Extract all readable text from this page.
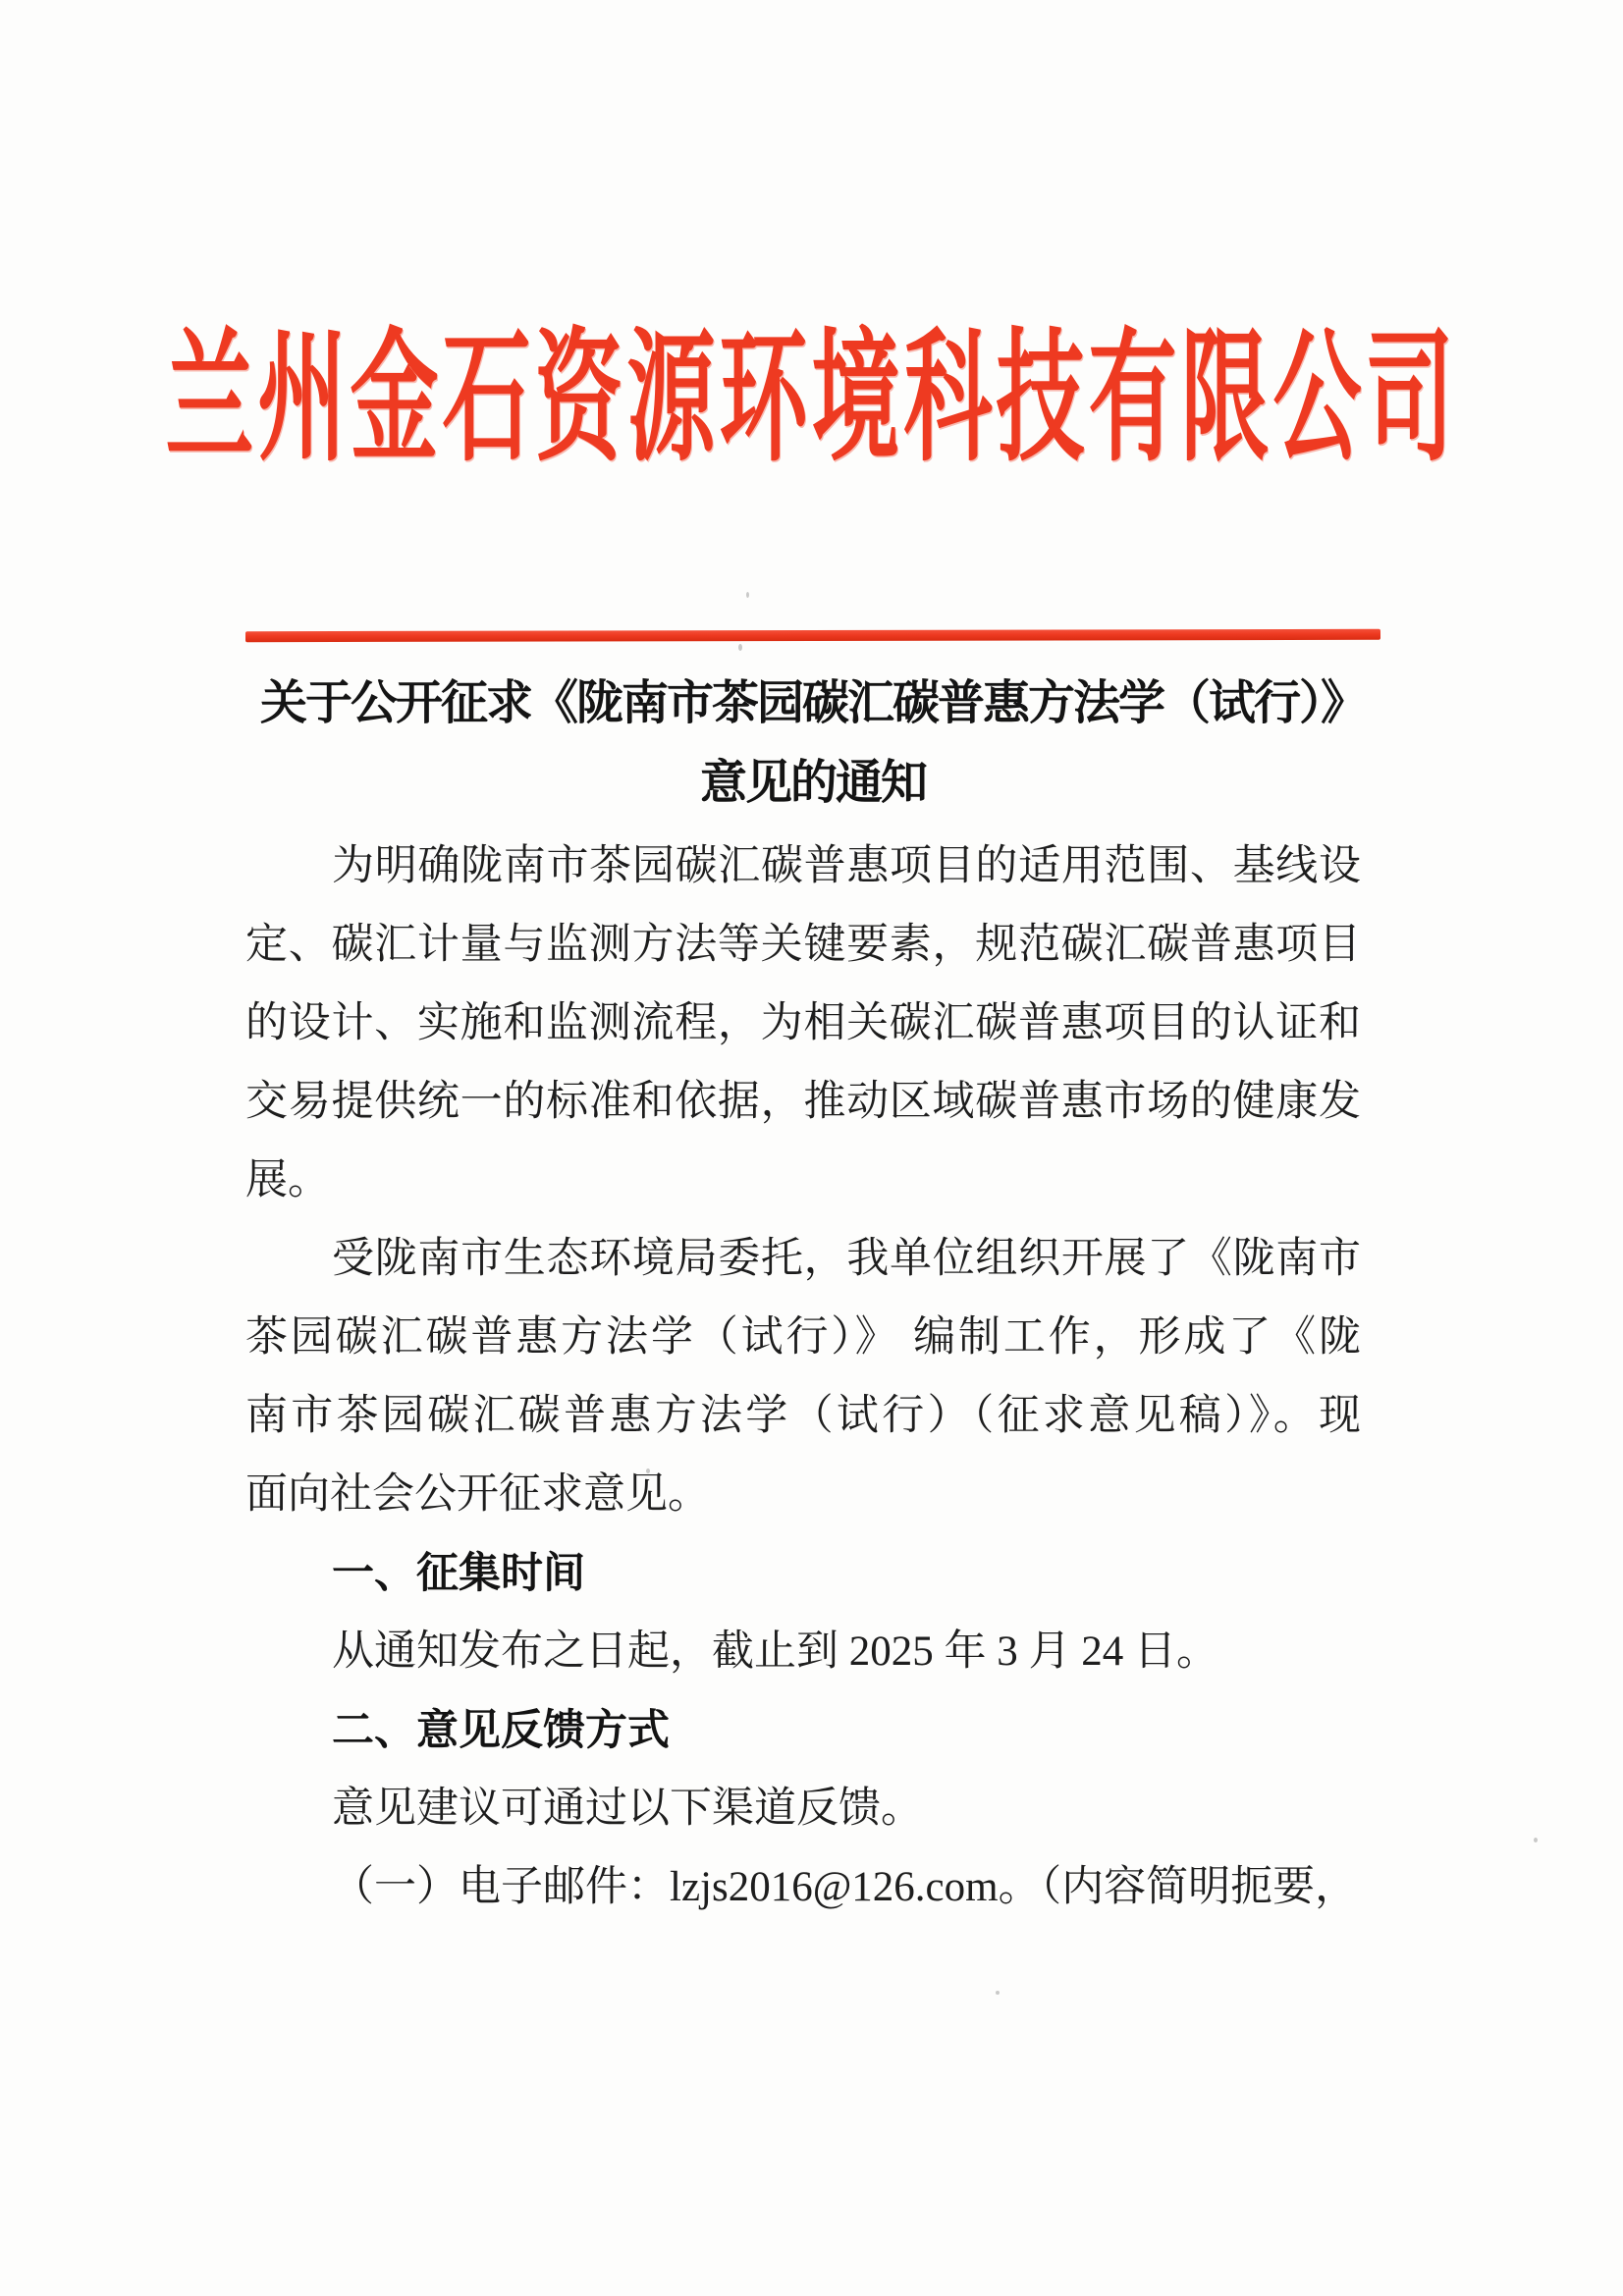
兰州金石资源环境科技有限公司
关于公开征求《陇南市茶园碳汇碳普惠方法学（试行）》
意见的通知
为明确陇南市茶园碳汇碳普惠项目的适用范围、基线设
定、碳汇计量与监测方法等关键要素，规范碳汇碳普惠项目
的设计、实施和监测流程，为相关碳汇碳普惠项目的认证和
交易提供统一的标准和依据，推动区域碳普惠市场的健康发
展。
受陇南市生态环境局委托，我单位组织开展了《陇南市
茶园碳汇碳普惠方法学（试行）》 编制工作，形成了《陇
南市茶园碳汇碳普惠方法学（试行）（征求意见稿）》。现
面向社会公开征求意见。
一、征集时间
从通知发布之日起，截止到 2025 年 3 月 24 日。
二、意见反馈方式
意见建议可通过以下渠道反馈。
（一）电子邮件：lzjs2016@126.com。（内容简明扼要，
